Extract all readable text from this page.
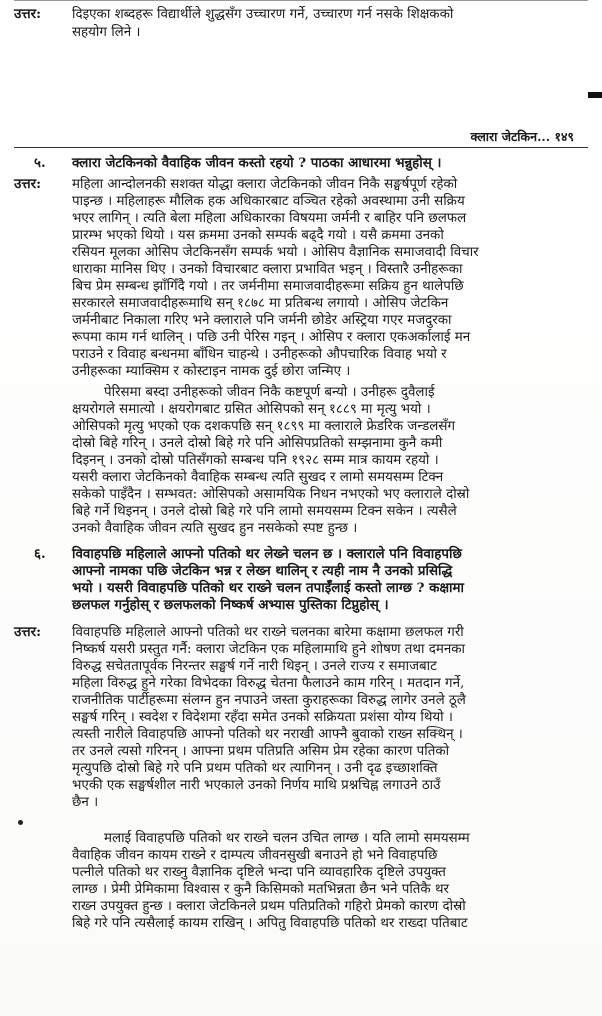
उत्तर: दिइएका शब्दहरू विद्यार्थीले शुद्धसँग उच्चारण गर्ने, उच्चारण गर्न नसके शिक्षकको
सहयोग लिने ।
क्लारा जेटकिन... १४९
५. क्लारा जेटकिनको वैवाहिक जीवन कस्तो रहयो ? पाठका आधारमा भन्नुहोस् ।
उत्तर: महिला आन्दोलनकी सशक्त योद्धा क्लारा जेटकिनको जीवन निकै सङ्घर्षपूर्ण रहेको
पाइन्छ । महिलाहरू मौलिक हक अधिकारबाट वञ्चित रहेको अवस्थामा उनी सक्रिय
भएर लागिन् । त्यति बेला महिला अधिकारका विषयमा जर्मनी र बाहिर पनि छलफल
प्रारम्भ भएको थियो । यस क्रममा उनको सम्पर्क बढ्दै गयो । यसै क्रममा उनको
रसियन मूलका ओसिप जेटकिनसँग सम्पर्क भयो । ओसिप वैज्ञानिक समाजवादी विचार
धाराका मानिस थिए । उनको विचारबाट क्लारा प्रभावित भइन् । विस्तारै उनीहरूका
बिच प्रेम सम्बन्ध झाँगिँदै गयो । तर जर्मनीमा समाजवादीहरूमा सक्रिय हुन थालेपछि
सरकारले समाजवादीहरूमाथि सन् १८७८ मा प्रतिबन्ध लगायो । ओसिप जेटकिन
जर्मनीबाट निकाला गरिए भने क्लाराले पनि जर्मनी छोडेर अस्ट्रिया गएर मजदुरका
रूपमा काम गर्न थालिन् । पछि उनी पेरिस गइन् । ओसिप र क्लारा एकअर्कालाई मन
पराउने र विवाह बन्धनमा बाँधिन चाहन्थे । उनीहरूको औपचारिक विवाह भयो र
उनीहरूका म्याक्सिम र कोस्टाइन नामक दुई छोरा जन्मिए ।
पेरिसमा बस्दा उनीहरूको जीवन निकै कष्टपूर्ण बन्यो । उनीहरू दुवैलाई
क्षयरोगले समात्यो । क्षयरोगबाट ग्रसित ओसिपको सन् १८८९ मा मृत्यु भयो ।
ओसिपको मृत्यु भएको एक दशकपछि सन् १८९९ मा क्लाराले फ्रेडरिक जन्डलसँग
दोस्रो बिहे गरिन् । उनले दोस्रो बिहे गरे पनि ओसिपप्रतिको सम्झनामा कुनै कमी
दिइनन् । उनको दोस्रो पतिसँगको सम्बन्ध पनि १९२८ सम्म मात्र कायम रहयो ।
यसरी क्लारा जेटकिनको वैवाहिक सम्बन्ध त्यति सुखद र लामो समयसम्म टिक्न
सकेको पाइँदैन । सम्भवत: ओसिपको असामयिक निधन नभएको भए क्लाराले दोस्रो
बिहे गर्ने थिइनन् । उनले दोस्रो बिहे गरे पनि लामो समयसम्म टिक्न सकेन । त्यसैले
उनको वैवाहिक जीवन त्यति सुखद हुन नसकेको स्पष्ट हुन्छ ।
६. विवाहपछि महिलाले आफ्नो पतिको थर लेख्ने चलन छ । क्लाराले पनि विवाहपछि
आफ्नो नामका पछि जेटकिन भन्न र लेख्न थालिन् र त्यही नाम नै उनको प्रसिद्धि
भयो । यसरी विवाहपछि पतिको थर राख्ने चलन तपाईँलाई कस्तो लाग्छ ? कक्षामा
छलफल गर्नुहोस् र छलफलको निष्कर्ष अभ्यास पुस्तिका टिप्नुहोस् ।
उत्तर: विवाहपछि महिलाले आफ्नो पतिको थर राख्ने चलनका बारेमा कक्षामा छलफल गरी
निष्कर्ष यसरी प्रस्तुत गर्नै: क्लारा जेटकिन एक महिलामाथि हुने शोषण तथा दमनका
विरुद्ध सचेततापूर्वक निरन्तर सङ्घर्ष गर्ने नारी थिइन् । उनले राज्य र समाजबाट
महिला विरुद्ध हुने गरेका विभेदका विरुद्ध चेतना फैलाउने काम गरिन् । मतदान गर्ने,
राजनीतिक पार्टीहरूमा संलग्न हुन नपाउने जस्ता कुराहरूका विरुद्ध लागेर उनले ठूलै
सङ्घर्ष गरिन् । स्वदेश र विदेशमा रहँदा समेत उनको सक्रियता प्रशंसा योग्य थियो ।
त्यस्ती नारीले विवाहपछि आफ्नो पतिको थर नराखी आफ्नै बुवाको राख्न सक्थिन् ।
तर उनले त्यसो गरिनन् । आफ्ना प्रथम पतिप्रति असिम प्रेम रहेका कारण पतिको
मृत्युपछि दोस्रो बिहे गरे पनि प्रथम पतिको थर त्यागिनन् । उनी दृढ इच्छाशक्ति
भएकी एक सङ्घर्षशील नारी भएकाले उनको निर्णय माथि प्रश्नचिह्न लगाउने ठाउँ
छैन ।
मलाई विवाहपछि पतिको थर राख्ने चलन उचित लाग्छ । यति लामो समयसम्म
वैवाहिक जीवन कायम राख्ने र दाम्पत्य जीवनसुखी बनाउने हो भने विवाहपछि
पत्नीले पतिको थर राख्नु वैज्ञानिक दृष्टिले भन्दा पनि व्यावहारिक दृष्टिले उपयुक्त
लाग्छ । प्रेमी प्रेमिकामा विश्वास र कुनै किसिमको मतभिन्नता छैन भने पतिकै थर
राख्न उपयुक्त हुन्छ । क्लारा जेटकिनले प्रथम पतिप्रतिको गहिरो प्रेमको कारण दोस्रो
बिहे गरे पनि त्यसैलाई कायम राखिन् । अपितु विवाहपछि पतिको थर राख्दा पतिबाट
